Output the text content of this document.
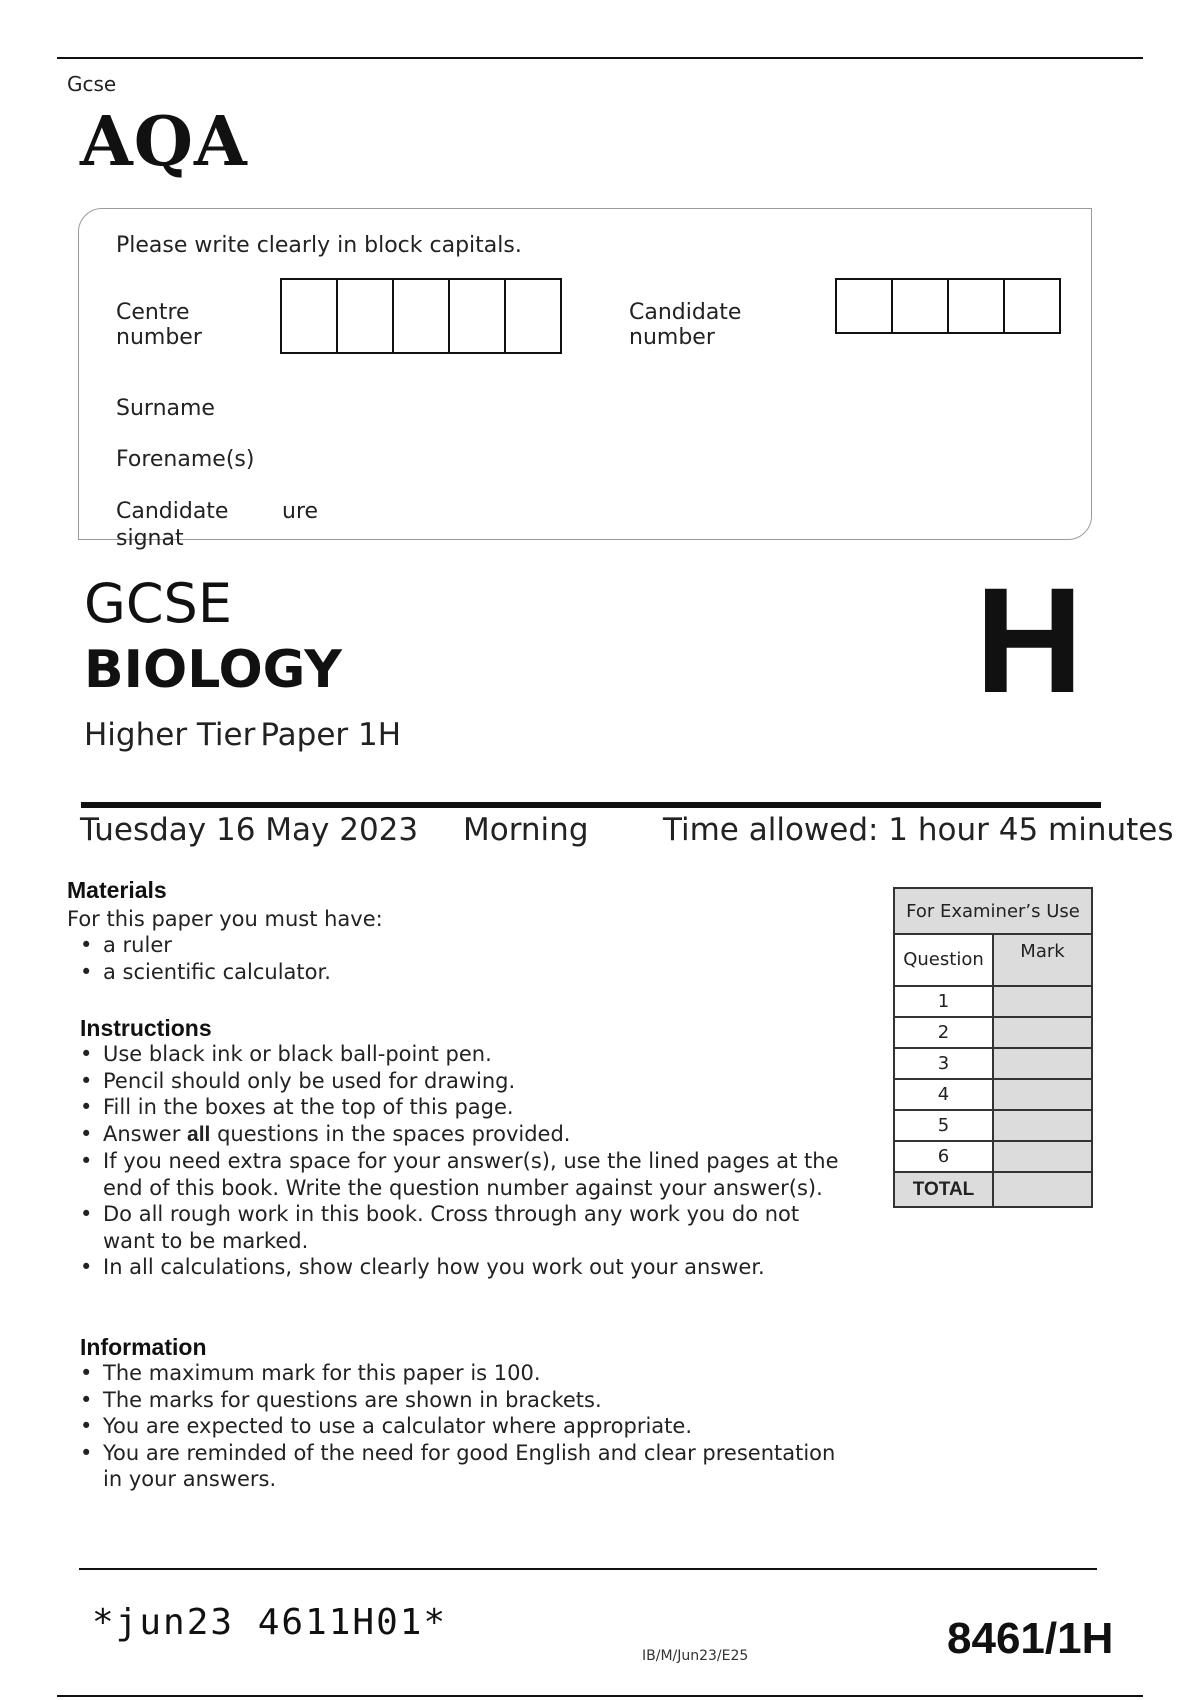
Gcse
AQA
Please write clearly in block capitals.
Centre
number
Candidate
number
Surname
Forename(s)
Candidate ure
signat
GCSE
BIOLOGY
Higher Tier Paper 1H
H
Tuesday 16 May 2023 Morning Time allowed: 1 hour 45 minutes
Materials
For this paper you must have:
• a ruler
• a scientific calculator.
Instructions
• Use black ink or black ball-point pen.
• Pencil should only be used for drawing.
• Fill in the boxes at the top of this page.
• Answer all questions in the spaces provided.
• If you need extra space for your answer(s), use the lined pages at the end of this book. Write the question number against your answer(s).
• Do all rough work in this book. Cross through any work you do not want to be marked.
• In all calculations, show clearly how you work out your answer.
Information
• The maximum mark for this paper is 100.
• The marks for questions are shown in brackets.
• You are expected to use a calculator where appropriate.
• You are reminded of the need for good English and clear presentation in your answers.
For Examiner’s Use	
Question	Mark
1	
2	
3	
4	
5	
6	
TOTAL	
*jun23 4611H01*
IB/M/Jun23/E25	8461/1H
